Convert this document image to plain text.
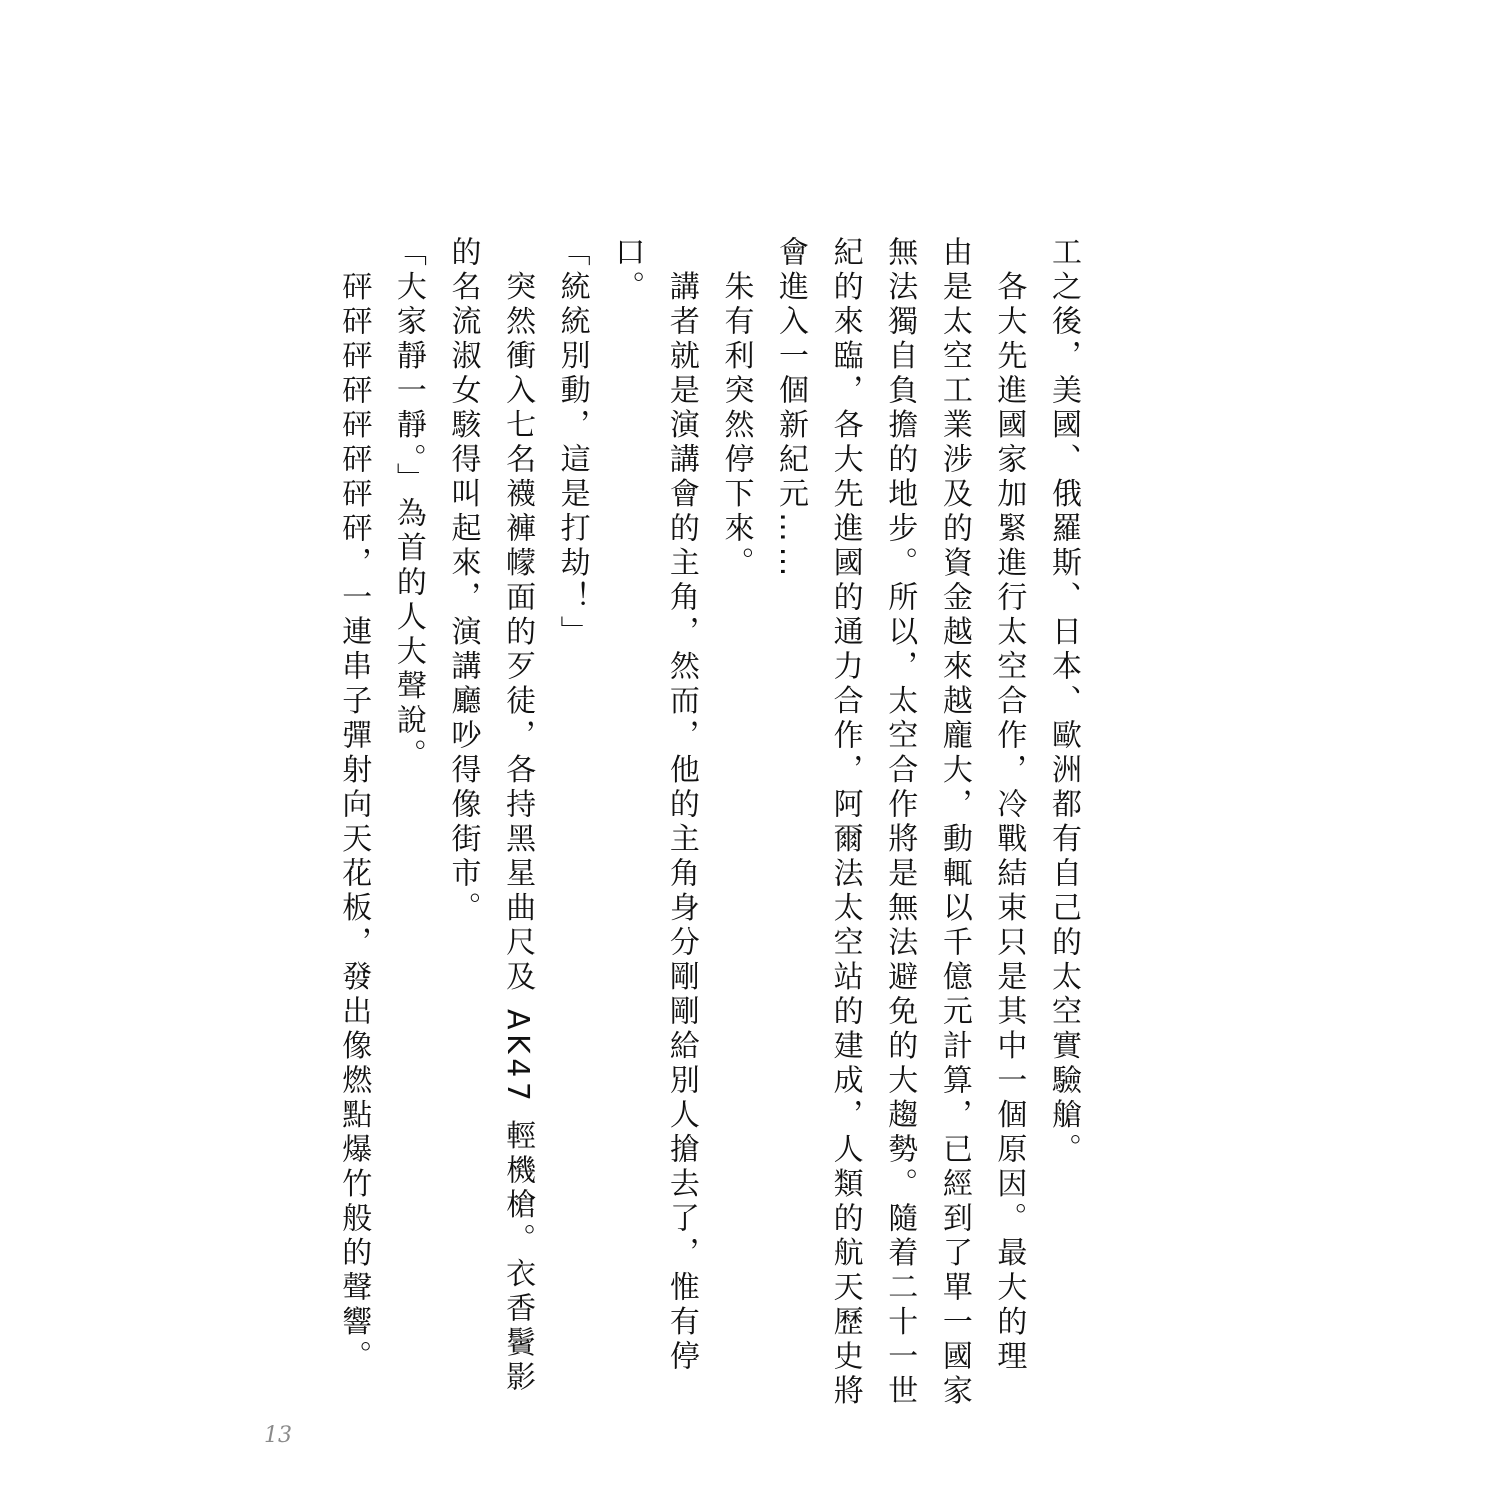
工之後，美國、俄羅斯、日本、歐洲都有自己的太空實驗艙。
　各大先進國家加緊進行太空合作，冷戰結束只是其中一個原因。最大的理
由是太空工業涉及的資金越來越龐大，動輒以千億元計算，已經到了單一國家
無法獨自負擔的地步。所以，太空合作將是無法避免的大趨勢。隨着二十一世
紀的來臨，各大先進國的通力合作，阿爾法太空站的建成，人類的航天歷史將
會進入一個新紀元……
　朱有利突然停下來。
　講者就是演講會的主角，然而，他的主角身分剛剛給別人搶去了，惟有停
口。
「統統別動，這是打劫！」
　突然衝入七名襪褲幪面的歹徒，各持黑星曲尺及 AK47 輕機槍。衣香鬢影
的名流淑女駭得叫起來，演講廳吵得像街市。
「大家靜一靜。」為首的人大聲說。
　砰砰砰砰砰砰砰砰，一連串子彈射向天花板，發出像燃點爆竹般的聲響。
13
